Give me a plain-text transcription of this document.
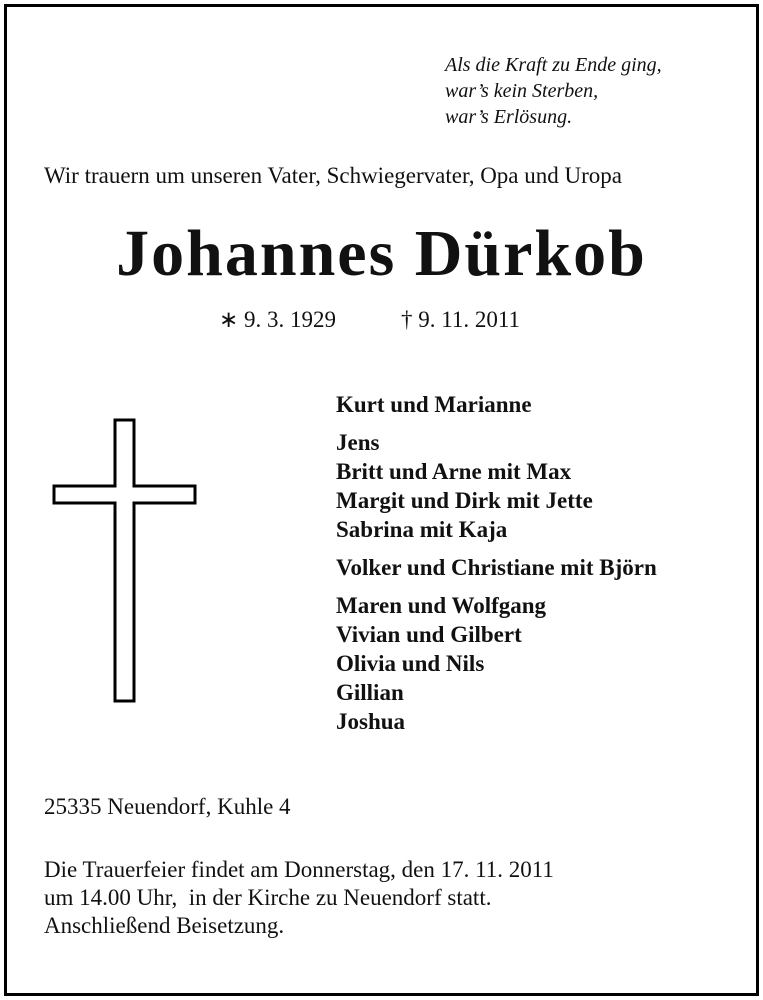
Als die Kraft zu Ende ging,
war’s kein Sterben,
war’s Erlösung.
Wir trauern um unseren Vater, Schwiegervater, Opa und Uropa
Johannes Dürkob
∗ 9. 3. 1929	† 9. 11. 2011
Kurt und Marianne
Jens
Britt und Arne mit Max
Margit und Dirk mit Jette
Sabrina mit Kaja
Volker und Christiane mit Björn
Maren und Wolfgang
Vivian und Gilbert
Olivia und Nils
Gillian
Joshua
25335 Neuendorf, Kuhle 4
Die Trauerfeier findet am Donnerstag, den 17. 11. 2011
um 14.00 Uhr,  in der Kirche zu Neuendorf statt.
Anschließend Beisetzung.
